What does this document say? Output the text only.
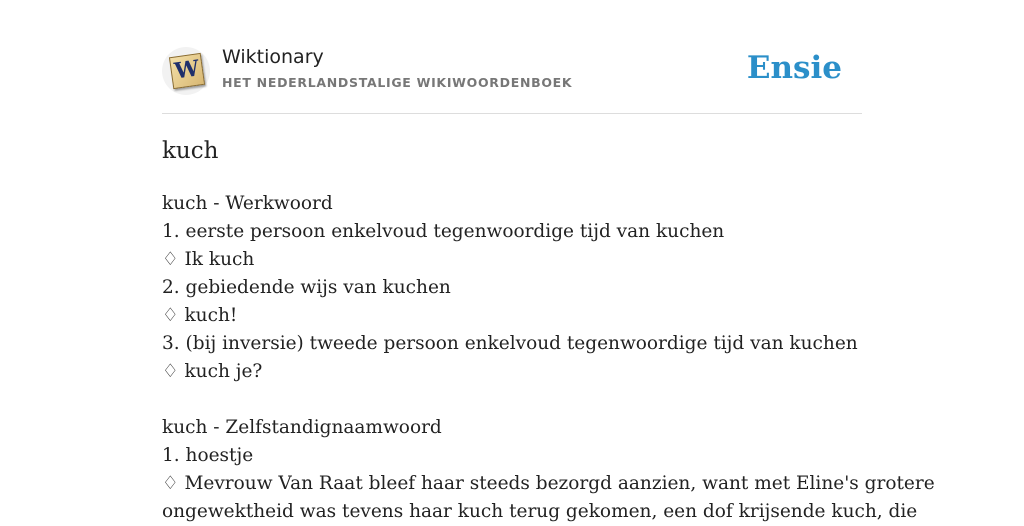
W Wiktionary
HET NEDERLANDSTALIGE WIKIWOORDENBOEK	Ensie
kuch
kuch - Werkwoord
1. eerste persoon enkelvoud tegenwoordige tijd van kuchen
♢ Ik kuch
2. gebiedende wijs van kuchen
♢ kuch!
3. (bij inversie) tweede persoon enkelvoud tegenwoordige tijd van kuchen
♢ kuch je?
kuch - Zelfstandignaamwoord
1. hoestje
♢ Mevrouw Van Raat bleef haar steeds bezorgd aanzien, want met Eline's grotere
ongewektheid was tevens haar kuch terug gekomen, een dof krijsende kuch, die
